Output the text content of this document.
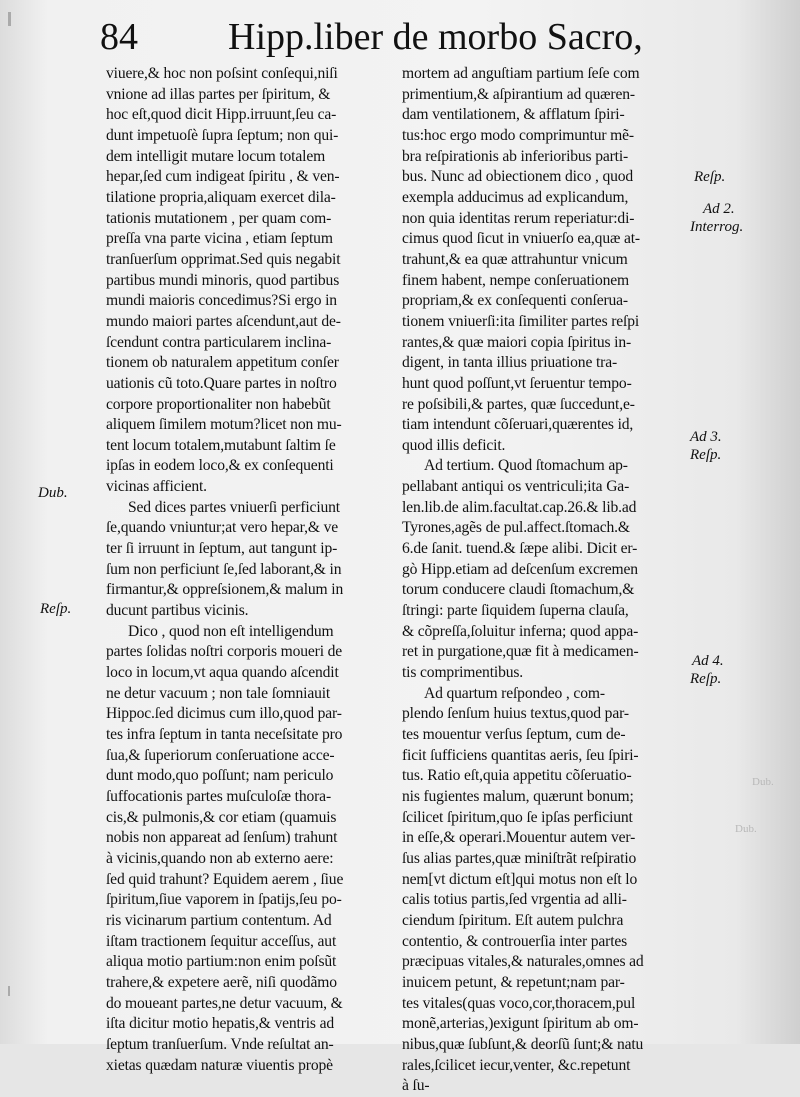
84 Hipp.liber de morbo Sacro,
viuere,& hoc non poſsint conſequi,niſi
vnione ad illas partes per ſpiritum, &
hoc eſt,quod dicit Hipp.irruunt,ſeu ca-
dunt impetuoſè ſupra ſeptum; non qui-
dem intelligit mutare locum totalem
hepar,ſed cum indigeat ſpiritu , & ven-
tilatione propria,aliquam exercet dila-
tationis mutationem , per quam com-
preſſa vna parte vicina , etiam ſeptum
tranſuerſum opprimat.Sed quis negabit
partibus mundi minoris, quod partibus
mundi maioris concedimus?Si ergo in
mundo maiori partes aſcendunt,aut de-
ſcendunt contra particularem inclina-
tionem ob naturalem appetitum conſer
uationis cũ toto.Quare partes in noſtro
corpore proportionaliter non habebũt
aliquem ſimilem motum?licet non mu-
tent locum totalem,mutabunt ſaltim ſe
ipſas in eodem loco,& ex conſequenti
vicinas afficient.
Sed dices partes vniuerſi perficiunt
ſe,quando vniuntur;at vero hepar,& ve
ter ſi irruunt in ſeptum, aut tangunt ip-
ſum non perficiunt ſe,ſed laborant,& in
firmantur,& oppreſsionem,& malum in
ducunt partibus vicinis.
Dico , quod non eſt intelligendum
partes ſolidas noſtri corporis moueri de
loco in locum,vt aqua quando aſcendit
ne detur vacuum ; non tale ſomniauit
Hippoc.ſed dicimus cum illo,quod par-
tes infra ſeptum in tanta neceſsitate pro
ſua,& ſuperiorum conſeruatione acce-
dunt modo,quo poſſunt; nam periculo
ſuffocationis partes muſculoſæ thora-
cis,& pulmonis,& cor etiam (quamuis
nobis non appareat ad ſenſum) trahunt
à vicinis,quando non ab externo aere:
ſed quid trahunt? Equidem aerem , ſiue
ſpiritum,ſiue vaporem in ſpatijs,ſeu po-
ris vicinarum partium contentum. Ad
iſtam tractionem ſequitur acceſſus, aut
aliqua motio partium:non enim poſsũt
trahere,& expetere aerẽ, niſi quodãmo
do moueant partes,ne detur vacuum, &
iſta dicitur motio hepatis,& ventris ad
ſeptum tranſuerſum. Vnde reſultat an-
xietas quædam naturæ viuentis propè
mortem ad anguſtiam partium ſeſe com
primentium,& aſpirantium ad quæren-
dam ventilationem, & afflatum ſpiri-
tus:hoc ergo modo comprimuntur mẽ-
bra reſpirationis ab inferioribus parti-
bus. Nunc ad obiectionem dico , quod
exempla adducimus ad explicandum,
non quia identitas rerum reperiatur:di-
cimus quod ſicut in vniuerſo ea,quæ at-
trahunt,& ea quæ attrahuntur vnicum
finem habent, nempe conſeruationem
propriam,& ex conſequenti conſerua-
tionem vniuerſi:ita ſimiliter partes reſpi
rantes,& quæ maiori copia ſpiritus in-
digent, in tanta illius priuatione tra-
hunt quod poſſunt,vt ſeruentur tempo-
re poſsibili,& partes, quæ ſuccedunt,e-
tiam intendunt cõſeruari,quærentes id,
quod illis deficit.
Ad tertium. Quod ſtomachum ap-
pellabant antiqui os ventriculi;ita Ga-
len.lib.de alim.facultat.cap.26.& lib.ad
Tyrones,agẽs de pul.affect.ſtomach.&
6.de ſanit. tuend.& ſæpe alibi. Dicit er-
gò Hipp.etiam ad deſcenſum excremen
torum conducere claudi ſtomachum,&
ſtringi: parte ſiquidem ſuperna clauſa,
& cõpreſſa,ſoluitur inferna; quod appa-
ret in purgatione,quæ fit à medicamen-
tis comprimentibus.
Ad quartum reſpondeo , com-
plendo ſenſum huius textus,quod par-
tes mouentur verſus ſeptum, cum de-
ficit ſufficiens quantitas aeris, ſeu ſpiri-
tus. Ratio eſt,quia appetitu cõſeruatio-
nis fugientes malum, quærunt bonum;
ſcilicet ſpiritum,quo ſe ipſas perficiunt
in eſſe,& operari.Mouentur autem ver-
ſus alias partes,quæ miniſtrãt reſpiratio
nem[vt dictum eſt]qui motus non eſt lo
calis totius partis,ſed vrgentia ad alli-
ciendum ſpiritum. Eſt autem pulchra
contentio, & controuerſia inter partes
præcipuas vitales,& naturales,omnes ad
inuicem petunt, & repetunt;nam par-
tes vitales(quas voco,cor,thoracem,pul
monẽ,arterias,)exigunt ſpiritum ab om-
nibus,quæ ſubſunt,& deorſũ ſunt;& natu
rales,ſcilicet iecur,venter, &c.repetunt
à ſu-
Dub.
Reſp.
Reſp.
Ad 2.
Interrog.
Ad 3.
Reſp.
Ad 4.
Reſp.
Dub.
Dub.
